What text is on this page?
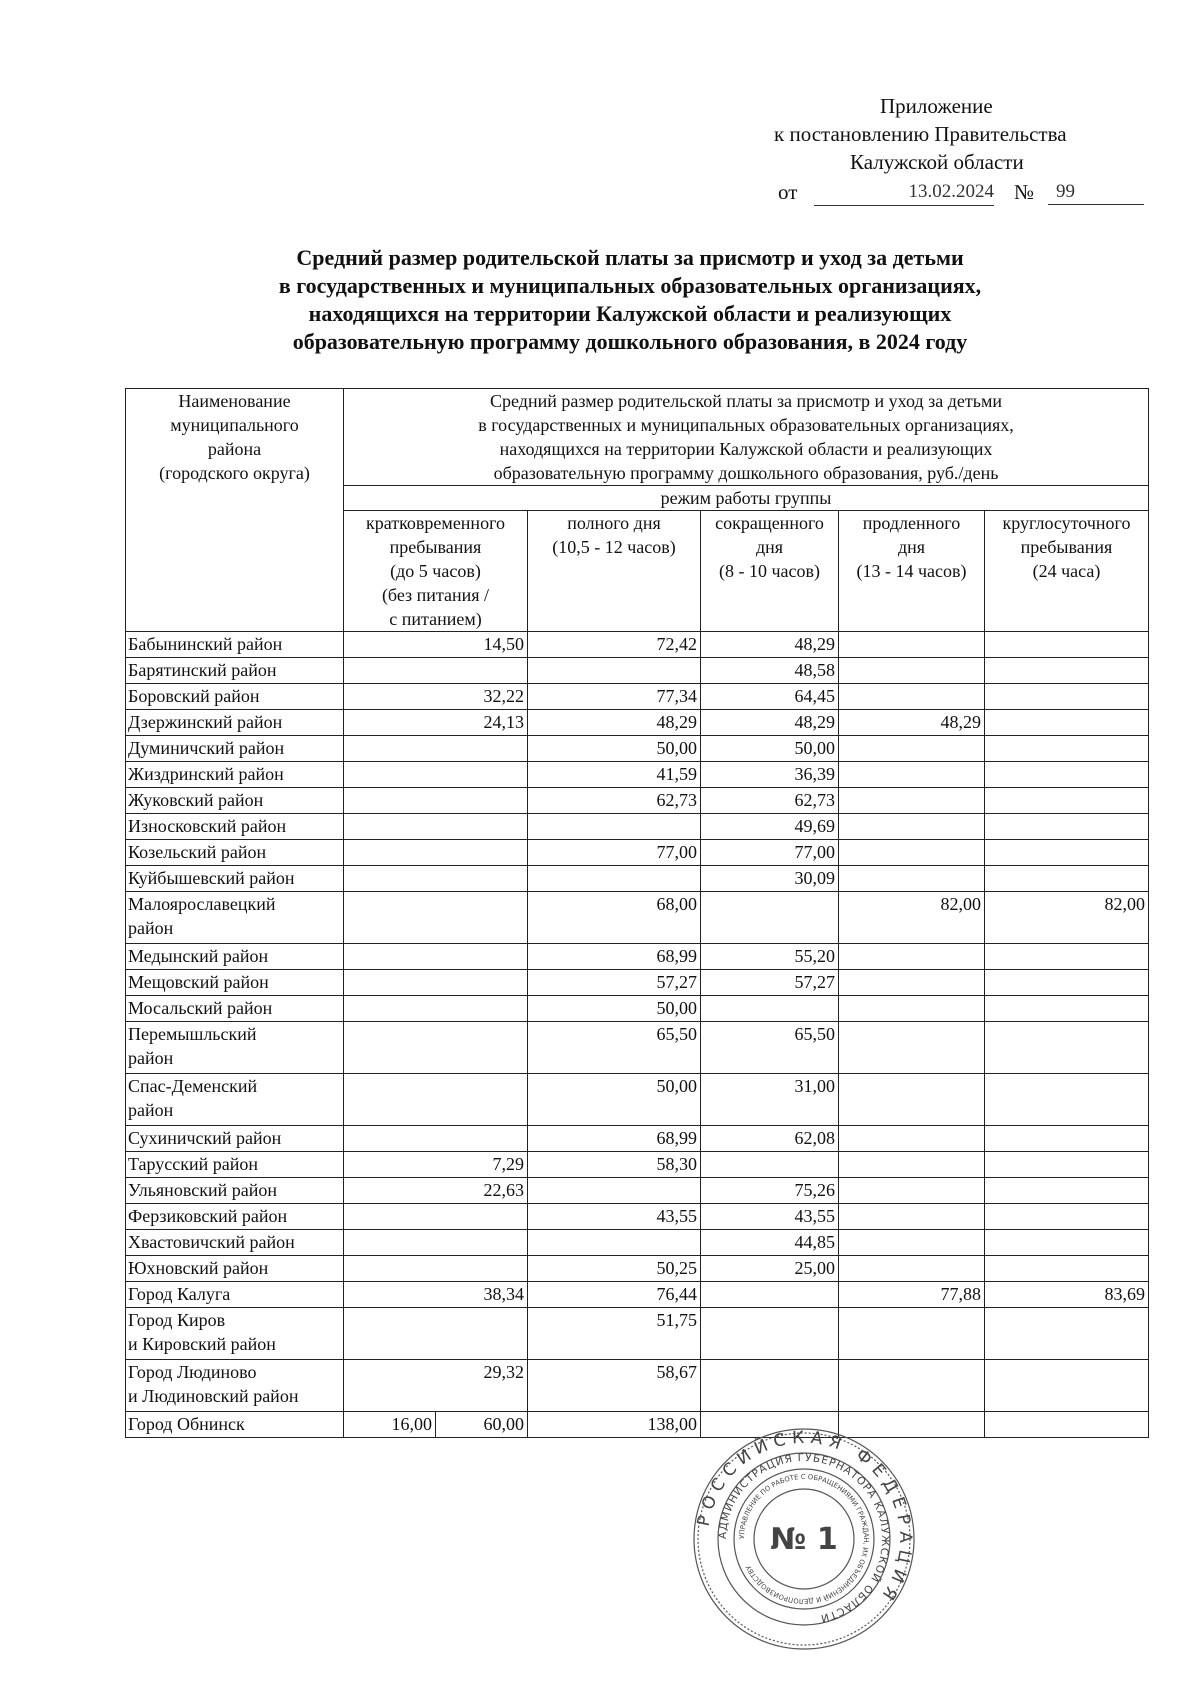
Приложение
к постановлению Правительства
Калужской области
от	13.02.2024 №	99
Средний размер родительской платы за присмотр и уход за детьми
в государственных и муниципальных образовательных организациях,
находящихся на территории Калужской области и реализующих
образовательную программу дошкольного образования, в 2024 году
Наименование
муниципального
района
(городского округа)

Средний размер родительской платы за присмотр и уход за детьми
в государственных и муниципальных образовательных организациях,
находящихся на территории Калужской области и реализующих
образовательную программу дошкольного образования, руб./день

	режим работы группы				

кратковременного
пребывания
(до 5 часов)
(без питания /
с питанием)

полного дня
(10,5 - 12 часов)

сокращенного
дня
(8 - 10 часов)

продленного
дня
(13 - 14 часов)

круглосуточного
пребывания
(24 часа)

Бабынинский район	14,50	72,42	48,29		

Барятинский район			48,58		

Боровский район	32,22	77,34	64,45		

Дзержинский район	24,13	48,29	48,29	48,29	

Думиничский район		50,00	50,00		

Жиздринский район		41,59	36,39		

Жуковский район		62,73	62,73		

Износковский район			49,69		

Козельский район		77,00	77,00		

Куйбышевский район			30,09		

Малоярославецкий
район		68,00		82,00	82,00

Медынский район		68,99	55,20		

Мещовский район		57,27	57,27		

Мосальский район		50,00			

Перемышльский
район		65,50	65,50		

Спас-Деменский
район		50,00	31,00		

Сухиничский район		68,99	62,08		

Тарусский район	7,29	58,30			

Ульяновский район	22,63		75,26		

Ферзиковский район		43,55	43,55		

Хвастовичский район			44,85		

Юхновский район		50,25	25,00		

Город Калуга	38,34	76,44		77,88	83,69

Город Киров
и Кировский район		51,75			

Город Людиново
и Людиновский район	29,32	58,67			

Город Обнинск	16,00 60,00	138,00			
РОССИЙСКАЯ ФЕДЕРАЦИЯ
АДМИНИСТРАЦИЯ ГУБЕРНАТОРА КАЛУЖСКОЙ ОБЛАСТИ
УПРАВЛЕНИЕ ПО РАБОТЕ С ОБРАЩЕНИЯМИ ГРАЖДАН, ИХ ОБЪЕДИНЕНИЙ И ДЕЛОПРОИЗВОДСТВУ
№ 1
